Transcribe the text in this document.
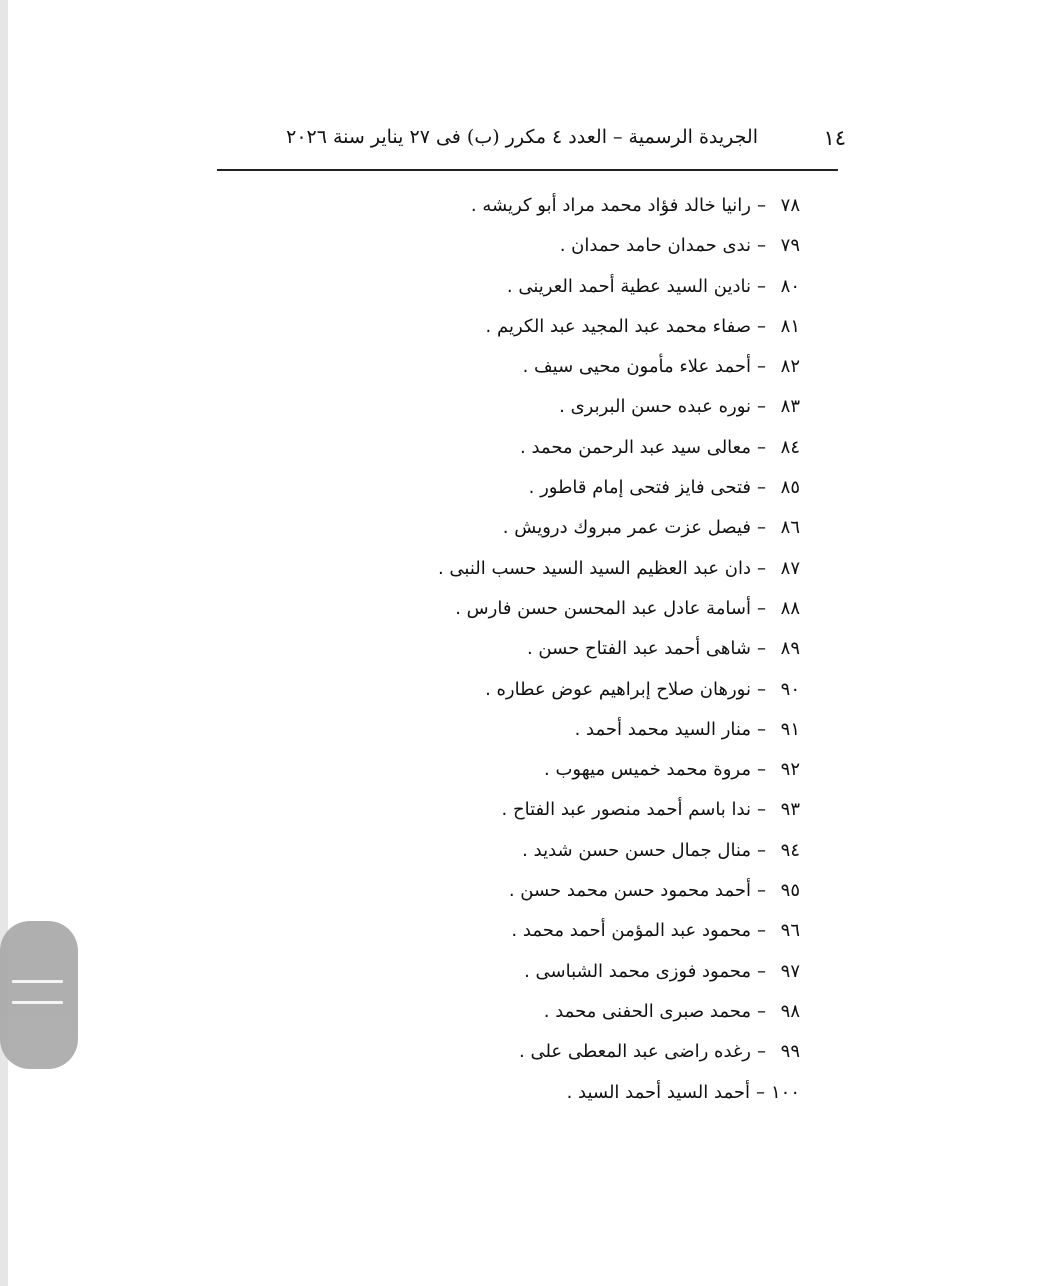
١٤
الجريدة الرسمية – العدد ٤ مكرر (ب) فى ٢٧ يناير سنة ٢٠٢٦
٧٨–رانيا خالد فؤاد محمد مراد أبو كريشه .
٧٩–ندى حمدان حامد حمدان .
٨٠–نادين السيد عطية أحمد العرينى .
٨١–صفاء محمد عبد المجيد عبد الكريم .
٨٢–أحمد علاء مأمون محيى سيف .
٨٣–نوره عبده حسن البربرى .
٨٤–معالى سيد عبد الرحمن محمد .
٨٥–فتحى فايز فتحى إمام قاطور .
٨٦–فيصل عزت عمر مبروك درويش .
٨٧–دان عبد العظيم السيد السيد حسب النبى .
٨٨–أسامة عادل عبد المحسن حسن فارس .
٨٩–شاهى أحمد عبد الفتاح حسن .
٩٠–نورهان صلاح إبراهيم عوض عطاره .
٩١–منار السيد محمد أحمد .
٩٢–مروة محمد خميس ميهوب .
٩٣–ندا باسم أحمد منصور عبد الفتاح .
٩٤–منال جمال حسن حسن شديد .
٩٥–أحمد محمود حسن محمد حسن .
٩٦–محمود عبد المؤمن أحمد محمد .
٩٧–محمود فوزى محمد الشباسى .
٩٨–محمد صبرى الحفنى محمد .
٩٩–رغده راضى عبد المعطى على .
١٠٠–أحمد السيد أحمد السيد .
